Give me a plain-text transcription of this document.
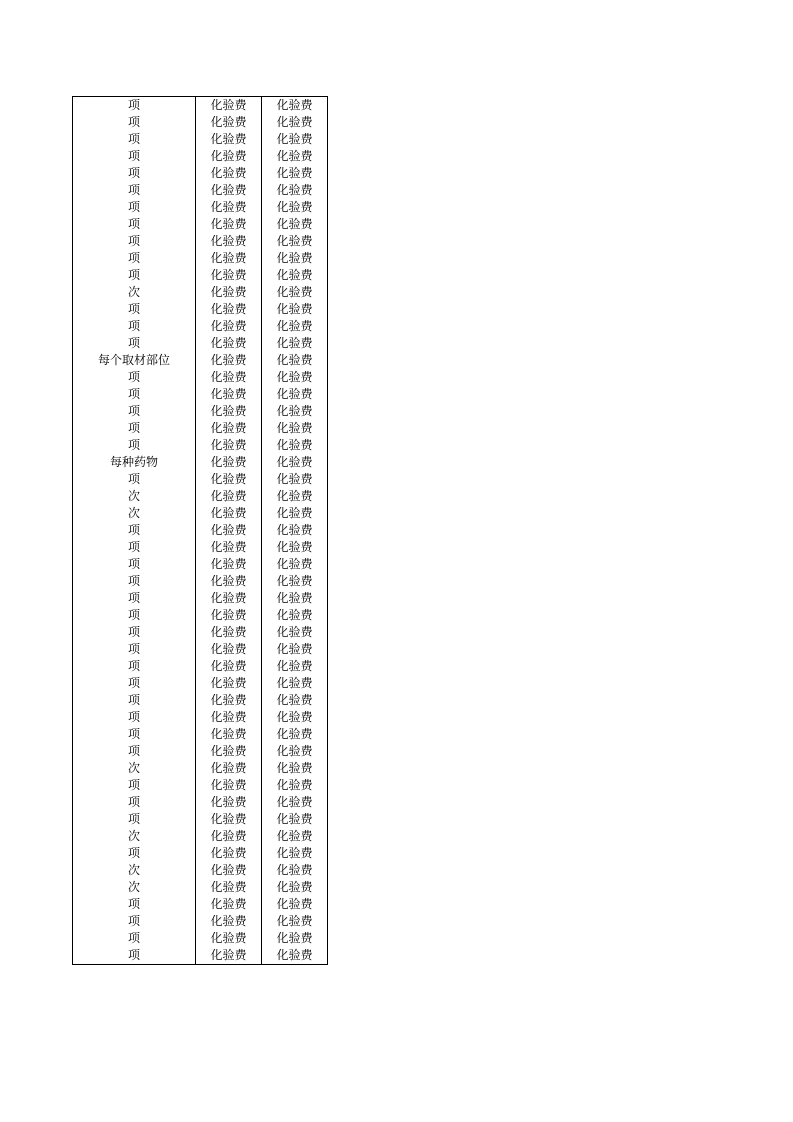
项	化验费	化验费
项	化验费	化验费
项	化验费	化验费
项	化验费	化验费
项	化验费	化验费
项	化验费	化验费
项	化验费	化验费
项	化验费	化验费
项	化验费	化验费
项	化验费	化验费
项	化验费	化验费
次	化验费	化验费
项	化验费	化验费
项	化验费	化验费
项	化验费	化验费
每个取材部位	化验费	化验费
项	化验费	化验费
项	化验费	化验费
项	化验费	化验费
项	化验费	化验费
项	化验费	化验费
每种药物	化验费	化验费
项	化验费	化验费
次	化验费	化验费
次	化验费	化验费
项	化验费	化验费
项	化验费	化验费
项	化验费	化验费
项	化验费	化验费
项	化验费	化验费
项	化验费	化验费
项	化验费	化验费
项	化验费	化验费
项	化验费	化验费
项	化验费	化验费
项	化验费	化验费
项	化验费	化验费
项	化验费	化验费
项	化验费	化验费
次	化验费	化验费
项	化验费	化验费
项	化验费	化验费
项	化验费	化验费
次	化验费	化验费
项	化验费	化验费
次	化验费	化验费
次	化验费	化验费
项	化验费	化验费
项	化验费	化验费
项	化验费	化验费
项	化验费	化验费
